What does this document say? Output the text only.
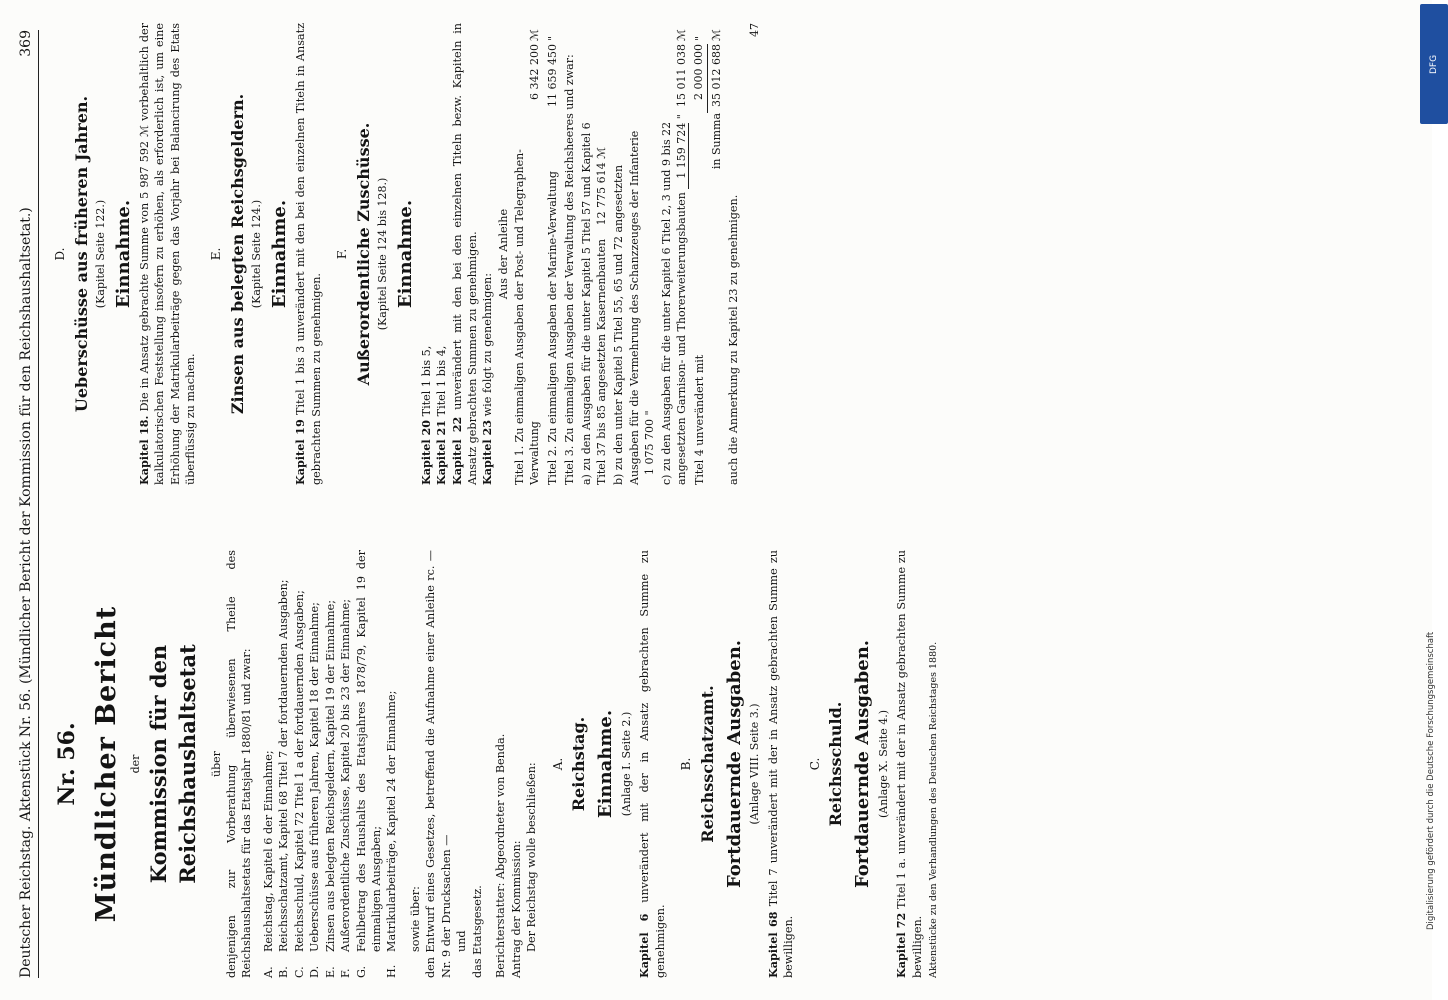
Deutscher Reichstag. Aktenstück Nr. 56. (Mündlicher Bericht der Kommission für den Reichshaushaltsetat.)
369
Nr. 56. Mündlicher Bericht der Kommission für den Reichshaushaltsetat über denjenigen zur Vorberathung überwiesenen Theile des Reichshaushaltsetats für das Etatsjahr 1880/81 und zwar: A.
Reichstag, Kapitel 6 der Einnahme;
B.
Reichsschatzamt, Kapitel 68 Titel 7 der fortdauernden Ausgaben;
C.
Reichsschuld, Kapitel 72 Titel 1 a der fortdauernden Ausgaben;
D.
Ueberschüsse aus früheren Jahren, Kapitel 18 der Einnahme;
E.
Zinsen aus belegten Reichsgeldern, Kapitel 19 der Einnahme;
F.
Außerordentliche Zuschüsse, Kapitel 20 bis 23 der Einnahme;
G.
Fehlbetrag des Haushalts des Etatsjahres 1878/79, Kapitel 19 der einmaligen Ausgaben;
H.
Matrikularbeiträge, Kapitel 24 der Einnahme; sowie über: den Entwurf eines Gesetzes, betreffend die Aufnahme einer Anleihe rc. — Nr. 9 der Drucksachen — und das Etatsgesetz. Berichterstatter: Abgeordneter von Benda. Antrag der Kommission: Der Reichstag wolle beschließen: A. Reichstag. Einnahme. (Anlage I. Seite 2.)
Kapitel 6 unverändert mit der in Ansatz gebrachten Summe zu genehmigen.
B. Reichsschatzamt. Fortdauernde Ausgaben. (Anlage VIII. Seite 3.)
Kapitel 68 Titel 7 unverändert mit der in Ansatz gebrachten Summe zu bewilligen.
C. Reichsschuld. Fortdauernde Ausgaben. (Anlage X. Seite 4.)
Kapitel 72 Titel 1 a. unverändert mit der in Ansatz gebrachten Summe zu bewilligen. Aktenstücke zu den Verhandlungen des Deutschen Reichstages 1880.
D. Ueberschüsse aus früheren Jahren. (Kapitel Seite 122.) Einnahme.
Kapitel 18. Die in Ansatz gebrachte Summe von 5 987 592 ℳ vorbehaltlich der kalkulatorischen Feststellung insofern zu erhöhen, als erforderlich ist, um eine Erhöhung der Matrikularbeiträge gegen das Vorjahr bei Balancirung des Etats überflüssig zu machen.
E. Zinsen aus belegten Reichsgeldern. (Kapitel Seite 124.) Einnahme.
Kapitel 19 Titel 1 bis 3 unverändert mit den bei den einzelnen Titeln in Ansatz gebrachten Summen zu genehmigen.
F. Außerordentliche Zuschüsse. (Kapitel Seite 124 bis 128.) Einnahme.
Kapitel 20 Titel 1 bis 5,
Kapitel 21 Titel 1 bis 4,
Kapitel 22 unverändert mit den bei den einzelnen Titeln bezw. Kapiteln in Ansatz gebrachten Summen zu genehmigen. Kapitel 23 wie folgt zu genehmigen:
Aus der Anleihe Titel 1. Zu einmaligen Ausgaben der Post- und Telegraphen-Verwaltung	6 342 200	ℳ
Titel 2. Zu einmaligen Ausgaben der Marine-Verwaltung	11 659 450	"
Titel 3. Zu einmaligen Ausgaben der Verwaltung des Reichsheeres und zwar:		
a) zu den Ausgaben für die unter Kapitel 5 Titel 57 und Kapitel 6 Titel 37 bis 85 angesetzten Kasernenbauten 12 775 614 ℳ		
b) zu den unter Kapitel 5 Titel 55, 65 und 72 angesetzten Ausgaben für die Vermehrung des Schanzzeuges der Infanterie 1 075 700 "		
c) zu den Ausgaben für die unter Kapitel 6 Titel 2, 3 und 9 bis 22 angesetzten Garnison- und Thorerweiterungsbauten 1 159 724 "	15 011 038	ℳ
Titel 4 unverändert mit	2 000 000	"
in Summa	35 012 688	ℳ
auch die Anmerkung zu Kapitel 23 zu genehmigen.
47
DFG
Digitalisierung gefördert durch die Deutsche Forschungsgemeinschaft
